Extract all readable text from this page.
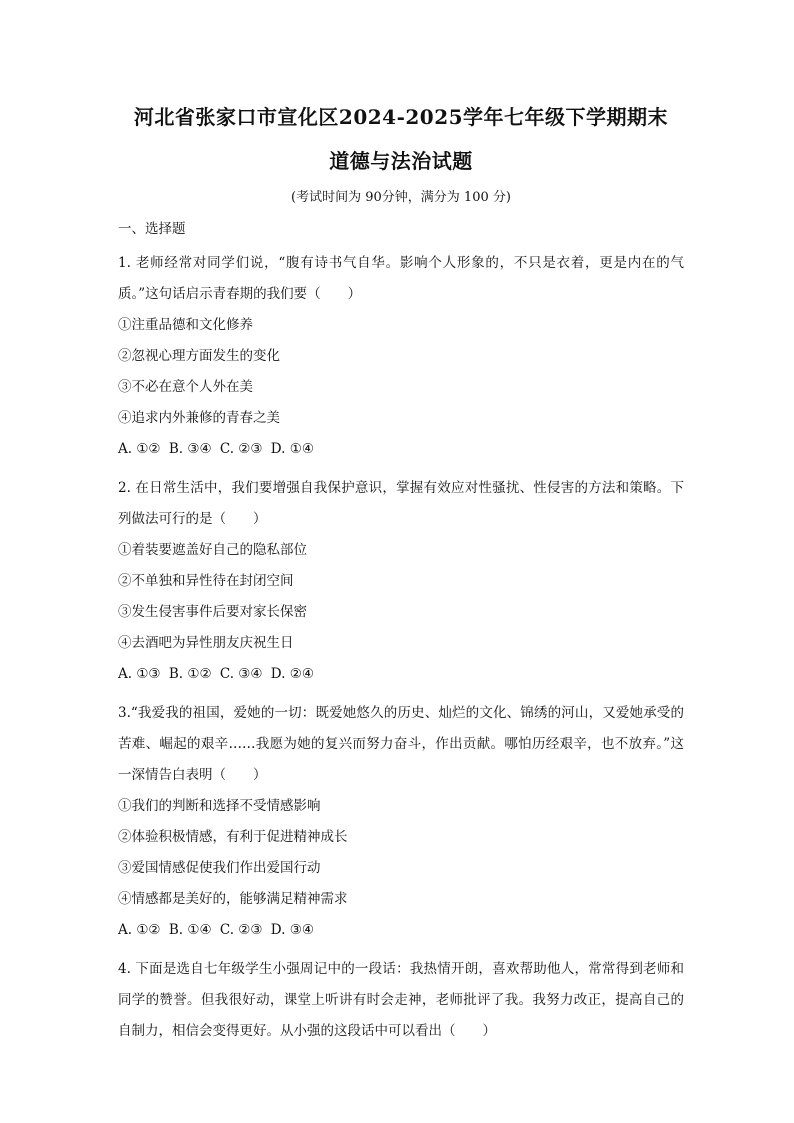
河北省张家口市宣化区2024-2025学年七年级下学期期末
道德与法治试题
(考试时间为 90分钟，满分为 100 分)
一、选择题

1. 老师经常对同学们说，“腹有诗书气自华。影响个人形象的，不只是衣着，更是内在的气质。”这句话启示青春期的我们要（　　）

①注重品德和文化修养

②忽视心理方面发生的变化

③不必在意个人外在美

④追求内外兼修的青春之美

A. ①② B. ③④ C. ②③ D. ①④

2. 在日常生活中，我们要增强自我保护意识，掌握有效应对性骚扰、性侵害的方法和策略。下列做法可行的是（　　）

①着装要遮盖好自己的隐私部位

②不单独和异性待在封闭空间

③发生侵害事件后要对家长保密

④去酒吧为异性朋友庆祝生日

A. ①③ B. ①② C. ③④ D. ②④

3.“我爱我的祖国，爱她的一切：既爱她悠久的历史、灿烂的文化、锦绣的河山，又爱她承受的苦难、崛起的艰辛……我愿为她的复兴而努力奋斗，作出贡献。哪怕历经艰辛，也不放弃。”这一深情告白表明（　　）

①我们的判断和选择不受情感影响

②体验积极情感，有利于促进精神成长

③爱国情感促使我们作出爱国行动

④情感都是美好的，能够满足精神需求

A. ①② B. ①④ C. ②③ D. ③④

4. 下面是选自七年级学生小强周记中的一段话：我热情开朗，喜欢帮助他人，常常得到老师和同学的赞誉。但我很好动，课堂上听讲有时会走神，老师批评了我。我努力改正，提高自己的自制力，相信会变得更好。从小强的这段话中可以看出（　　）
